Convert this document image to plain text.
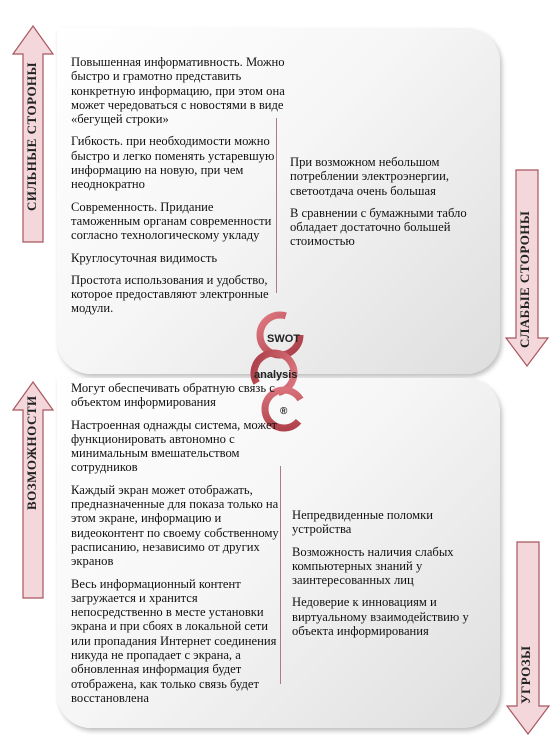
СИЛЬНЫЕ СТОРОНЫ
СЛАБЫЕ СТОРОНЫ
ВОЗМОЖНОСТИ
УГРОЗЫ
SWOT
analysis
®

Повышенная информативность. Можно быстро и грамотно представить конкретную информацию, при этом она может чередоваться с новостями в виде «бегущей строки»

Гибкость. при необходимости можно быстро и легко поменять устаревшую информацию на новую, при чем неоднократно

Современность. Придание таможенным органам современности согласно технологическому укладу

Круглосуточная видимость

Простота использования и удобство, которое предоставляют электронные модули.

При возможном небольшом потреблении электроэнергии, светоотдача очень большая

В сравнении с бумажными табло обладает достаточно большей стоимостью

Могут обеспечивать обратную связь с объектом информирования

Настроенная однажды система, может функционировать автономно с минимальным вмешательством сотрудников

Каждый экран может отображать, предназначенные для показа только на этом экране, информацию и видеоконтент по своему собственному расписанию, независимо от других экранов

Весь информационный контент загружается и хранится непосредственно в месте установки экрана и при сбоях в локальной сети или пропадания Интернет соединения никуда не пропадает с экрана, а обновленная информация будет отображена, как только связь будет восстановлена

Непредвиденные поломки устройства

Возможность наличия слабых компьютерных знаний у заинтересованных лиц

Недоверие к инновациям и виртуальному взаимодействию у объекта информирования
